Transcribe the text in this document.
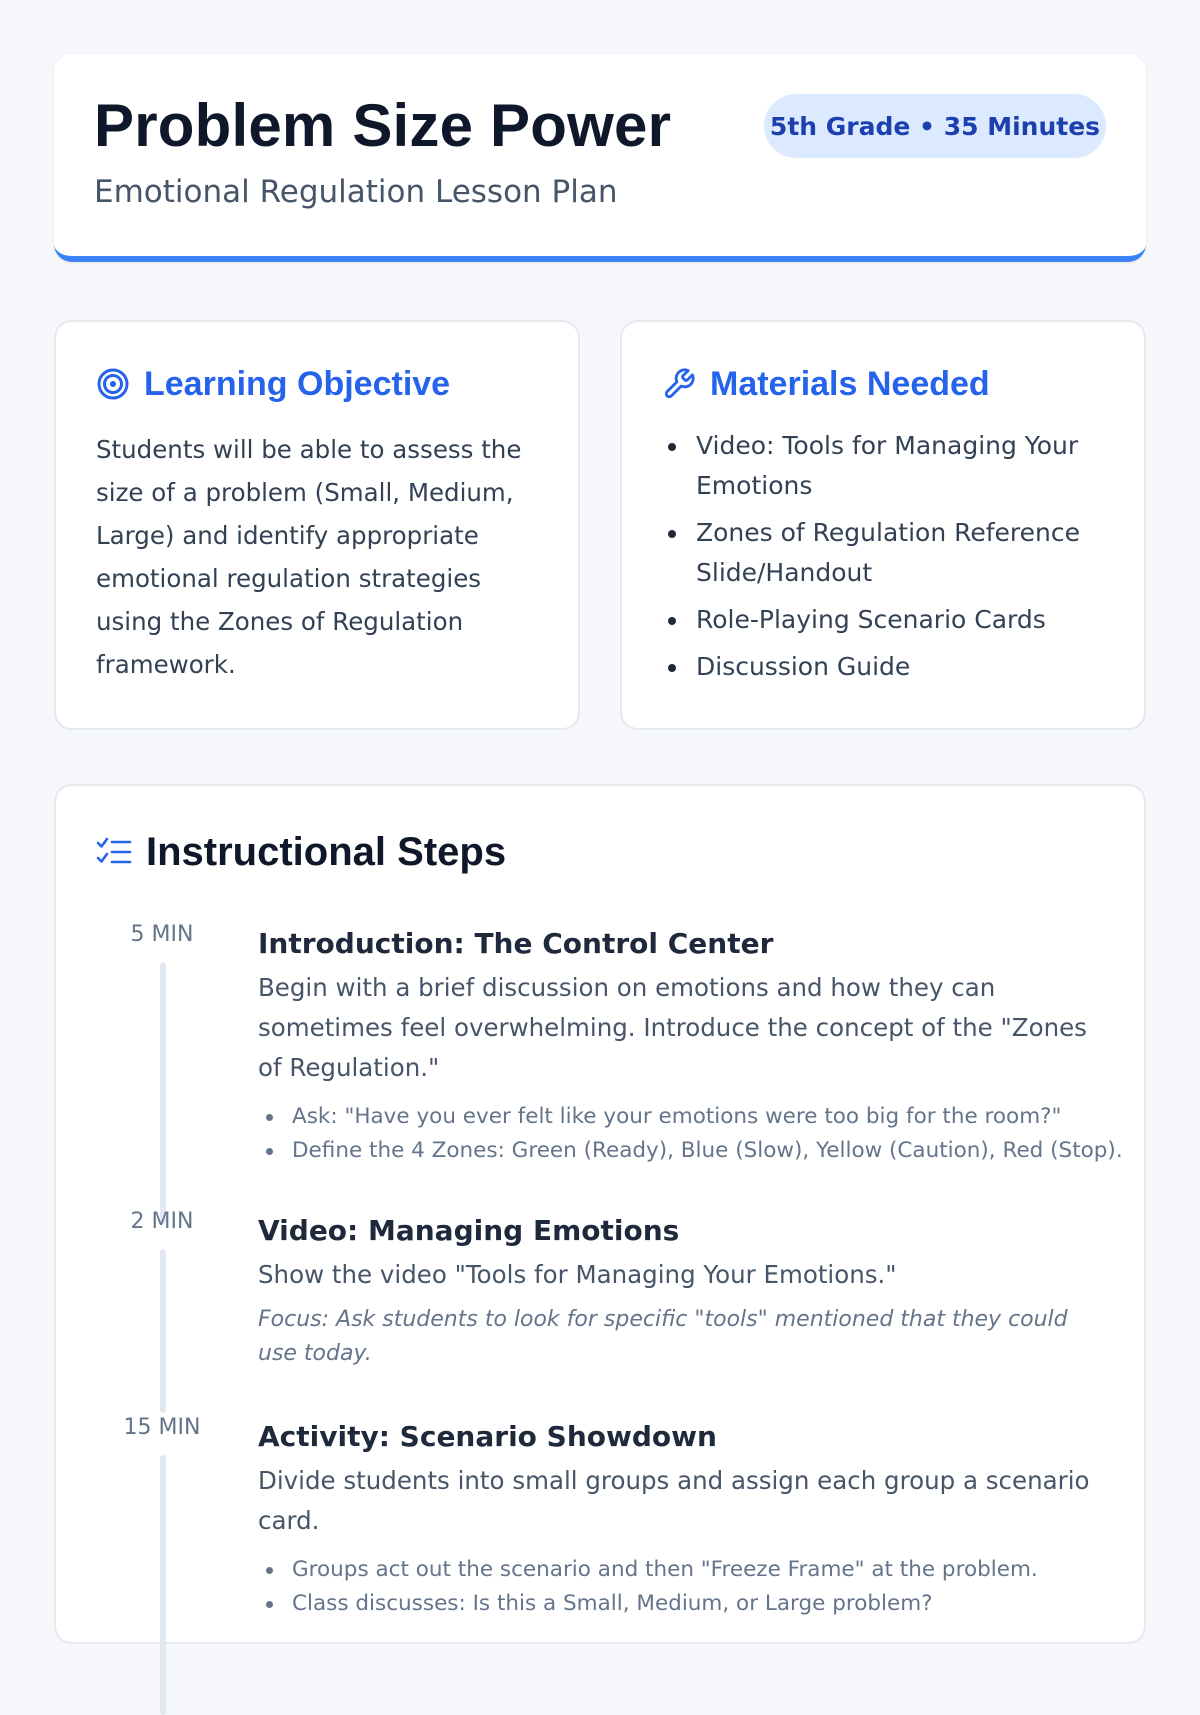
Problem Size Power
Emotional Regulation Lesson Plan
5th Grade • 35 Minutes
Learning Objective
Students will be able to assess the size of a problem (Small, Medium, Large) and identify appropriate emotional regulation strategies using the Zones of Regulation framework.
Materials Needed
Video: Tools for Managing Your Emotions
Zones of Regulation Reference Slide/Handout
Role-Playing Scenario Cards
Discussion Guide
Instructional Steps
5 MIN	Introduction: The Control Center
Begin with a brief discussion on emotions and how they can sometimes feel overwhelming. Introduce the concept of the "Zones of Regulation."
Ask: "Have you ever felt like your emotions were too big for the room?"
Define the 4 Zones: Green (Ready), Blue (Slow), Yellow (Caution), Red (Stop).
2 MIN	Video: Managing Emotions
Show the video "Tools for Managing Your Emotions."
Focus: Ask students to look for specific "tools" mentioned that they could use today.
15 MIN	Activity: Scenario Showdown
Divide students into small groups and assign each group a scenario card.
Groups act out the scenario and then "Freeze Frame" at the problem.
Class discusses: Is this a Small, Medium, or Large problem?
